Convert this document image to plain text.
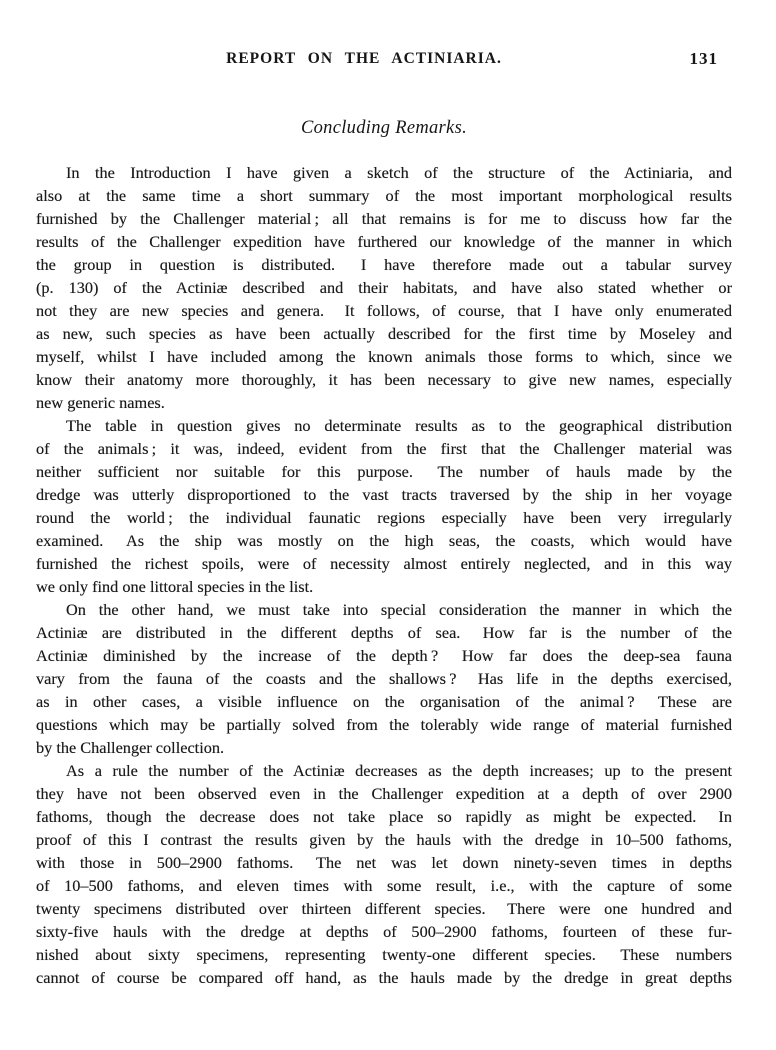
REPORT ON THE ACTINIARIA.	131
Concluding Remarks.
In the Introduction I have given a sketch of the structure of the Actiniaria, and
also at the same time a short summary of the most important morphological results
furnished by the Challenger material ; all that remains is for me to discuss how far the
results of the Challenger expedition have furthered our knowledge of the manner in which
the group in question is distributed.  I have therefore made out a tabular survey
(p. 130) of the Actiniæ described and their habitats, and have also stated whether or
not they are new species and genera.  It follows, of course, that I have only enumerated
as new, such species as have been actually described for the first time by Moseley and
myself, whilst I have included among the known animals those forms to which, since we
know their anatomy more thoroughly, it has been necessary to give new names, especially
new generic names.
The table in question gives no determinate results as to the geographical distribution
of the animals ; it was, indeed, evident from the first that the Challenger material was
neither sufficient nor suitable for this purpose.  The number of hauls made by the
dredge was utterly disproportioned to the vast tracts traversed by the ship in her voyage
round the world ; the individual faunatic regions especially have been very irregularly
examined.  As the ship was mostly on the high seas, the coasts, which would have
furnished the richest spoils, were of necessity almost entirely neglected, and in this way
we only find one littoral species in the list.
On the other hand, we must take into special consideration the manner in which the
Actiniæ are distributed in the different depths of sea.  How far is the number of the
Actiniæ diminished by the increase of the depth ?  How far does the deep-sea fauna
vary from the fauna of the coasts and the shallows ?  Has life in the depths exercised,
as in other cases, a visible influence on the organisation of the animal ?  These are
questions which may be partially solved from the tolerably wide range of material furnished
by the Challenger collection.
As a rule the number of the Actiniæ decreases as the depth increases; up to the present
they have not been observed even in the Challenger expedition at a depth of over 2900
fathoms, though the decrease does not take place so rapidly as might be expected.  In
proof of this I contrast the results given by the hauls with the dredge in 10–500 fathoms,
with those in 500–2900 fathoms.  The net was let down ninety-seven times in depths
of 10–500 fathoms, and eleven times with some result, i.e., with the capture of some
twenty specimens distributed over thirteen different species.  There were one hundred and
sixty-five hauls with the dredge at depths of 500–2900 fathoms, fourteen of these fur-
nished about sixty specimens, representing twenty-one different species.  These numbers
cannot of course be compared off hand, as the hauls made by the dredge in great depths
